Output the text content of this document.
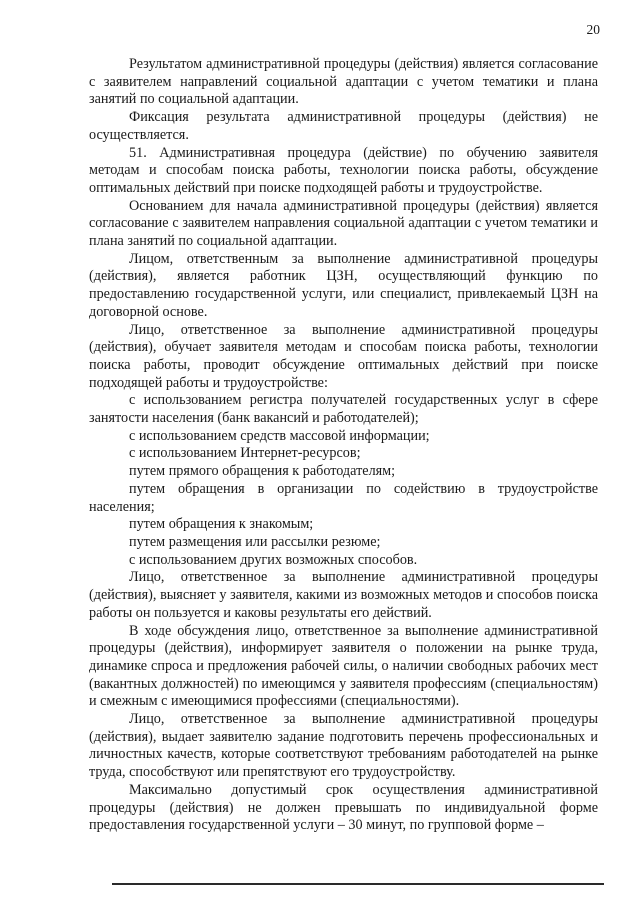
20

Результатом административной процедуры (действия) является согласование с заявителем направлений социальной адаптации с учетом тематики и плана занятий по социальной адаптации.

Фиксация результата административной процедуры (действия) не осуществляется.

51. Административная процедура (действие) по обучению заявителя методам и способам поиска работы, технологии поиска работы, обсуждение оптимальных действий при поиске подходящей работы и трудоустройстве.

Основанием для начала административной процедуры (действия) является согласование с заявителем направления социальной адаптации с учетом тематики и плана занятий по социальной адаптации.

Лицом, ответственным за выполнение административной процедуры (действия), является работник ЦЗН, осуществляющий функцию по предоставлению государственной услуги, или специалист, привлекаемый ЦЗН на договорной основе.

Лицо, ответственное за выполнение административной процедуры (действия), обучает заявителя методам и способам поиска работы, технологии поиска работы, проводит обсуждение оптимальных действий при поиске подходящей работы и трудоустройстве:

с использованием регистра получателей государственных услуг в сфере занятости населения (банк вакансий и работодателей);

с использованием средств массовой информации;

с использованием Интернет-ресурсов;

путем прямого обращения к работодателям;

путем обращения в организации по содействию в трудоустройстве населения;

путем обращения к знакомым;

путем размещения или рассылки резюме;

с использованием других возможных способов.

Лицо, ответственное за выполнение административной процедуры (действия), выясняет у заявителя, какими из возможных методов и способов поиска работы он пользуется и каковы результаты его действий.

В ходе обсуждения лицо, ответственное за выполнение административной процедуры (действия), информирует заявителя о положении на рынке труда, динамике спроса и предложения рабочей силы, о наличии свободных рабочих мест (вакантных должностей) по имеющимся у заявителя профессиям (специальностям) и смежным с имеющимися профессиями (специальностями).

Лицо, ответственное за выполнение административной процедуры (действия), выдает заявителю задание подготовить перечень профессиональных и личностных качеств, которые соответствуют требованиям работодателей на рынке труда, способствуют или препятствуют его трудоустройству.

Максимально допустимый срок осуществления административной процедуры (действия) не должен превышать по индивидуальной форме предоставления государственной услуги – 30 минут, по групповой форме –
